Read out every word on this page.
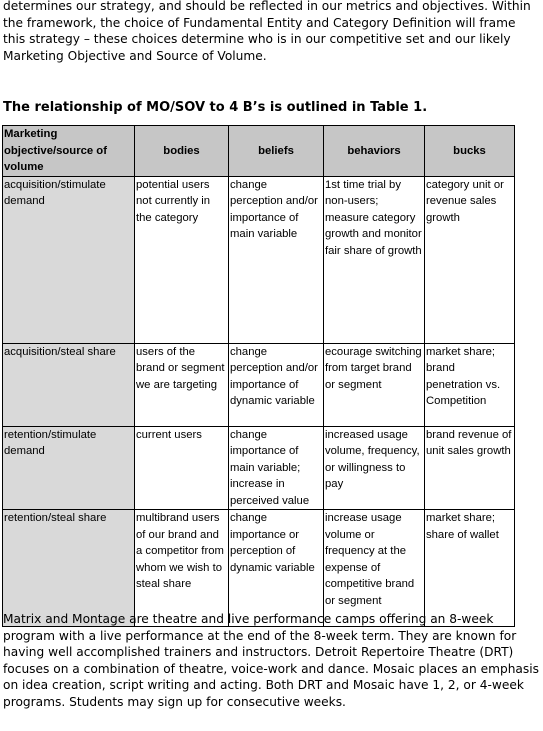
determines our strategy, and should be reflected in our metrics and objectives. Within the framework, the choice of Fundamental Entity and Category Definition will frame this strategy – these choices determine who is in our competitive set and our likely Marketing Objective and Source of Volume.

The relationship of MO/SOV to 4 B’s is outlined in Table 1.

Marketing objective/source of volume	bodies	beliefs	behaviors	bucks
acquisition/stimulate demand	potential users not currently in the category	change perception and/or importance of main variable	1st time trial by non-users; measure category growth and monitor fair share of growth	category unit or revenue sales growth
acquisition/steal share	users of the brand or segment we are targeting	change perception and/or importance of dynamic variable	ecourage switching from target brand or segment	market share; brand penetration vs. Competition
retention/stimulate demand	current users	change importance of main variable; increase in perceived value	increased usage volume, frequency, or willingness to pay	brand revenue of unit sales growth
retention/steal share	multibrand users of our brand and a competitor from whom we wish to steal share	change importance or perception of dynamic variable	increase usage volume or frequency at the expense of competitive brand or segment	market share; share of wallet

Matrix and Montage are theatre and live performance camps offering an 8-week program with a live performance at the end of the 8-week term. They are known for having well accomplished trainers and instructors. Detroit Repertoire Theatre (DRT) focuses on a combination of theatre, voice-work and dance. Mosaic places an emphasis on idea creation, script writing and acting. Both DRT and Mosaic have 1, 2, or 4-week programs. Students may sign up for consecutive weeks.
